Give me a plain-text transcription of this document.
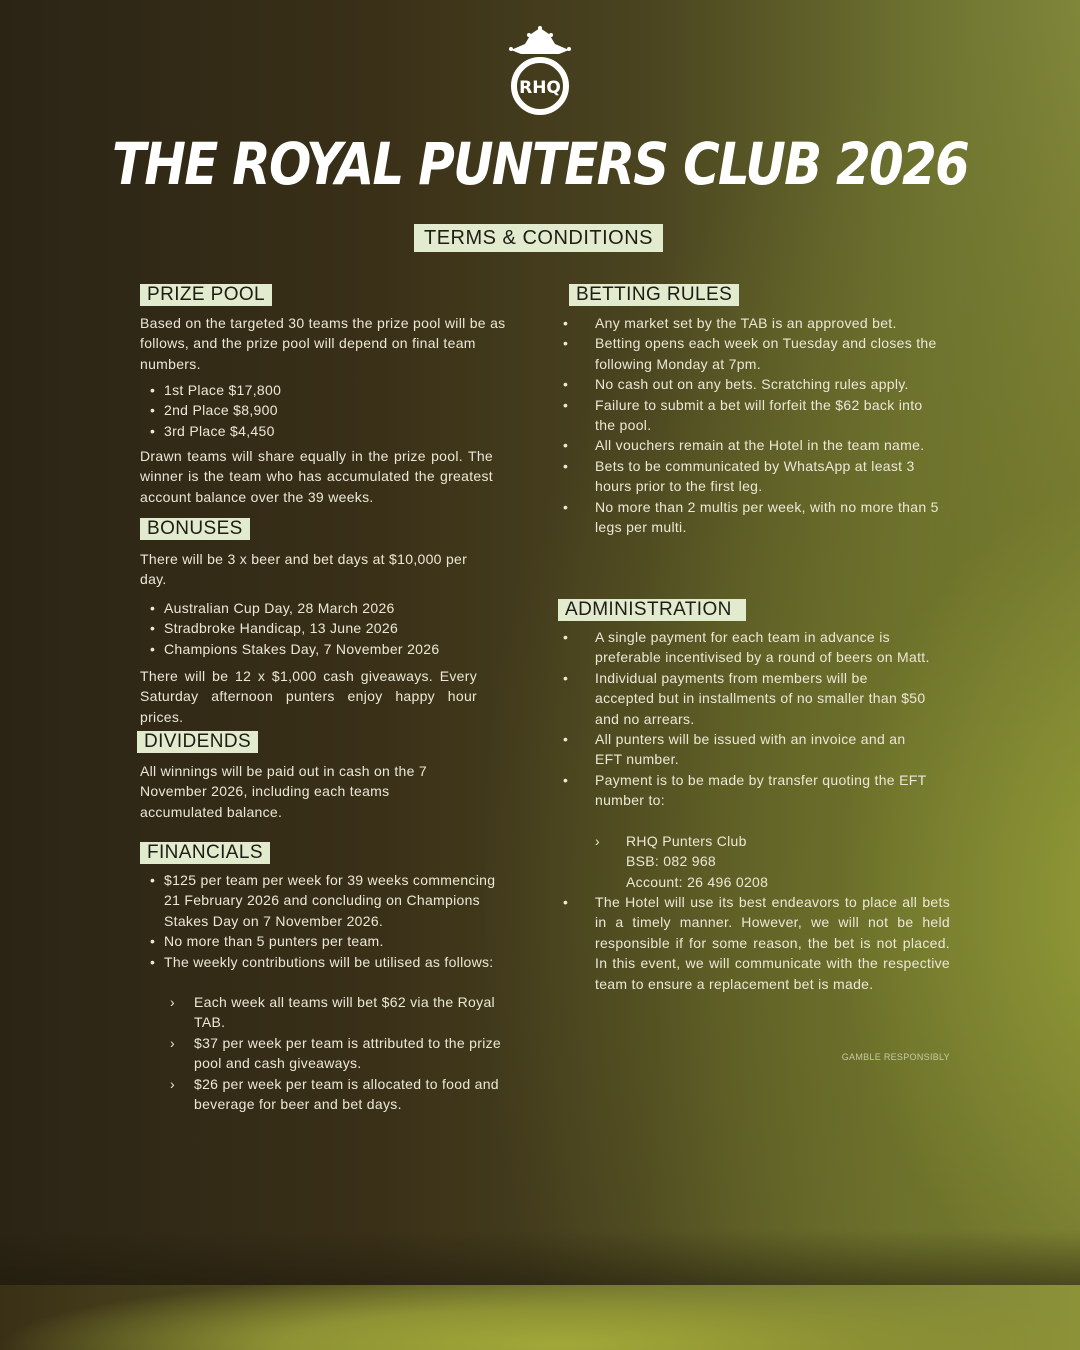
RHQ
THE ROYAL PUNTERS CLUB 2026
TERMS & CONDITIONS
PRIZE POOL
Based on the targeted 30 teams the prize pool will be as follows, and the prize pool will depend on final team numbers.
• 1st Place $17,800
• 2nd Place $8,900
• 3rd Place $4,450
Drawn teams will share equally in the prize pool. The winner is the team who has accumulated the greatest account balance over the 39 weeks.
BONUSES
There will be 3 x beer and bet days at $10,000 per day.
• Australian Cup Day, 28 March 2026
• Stradbroke Handicap, 13 June 2026
• Champions Stakes Day, 7 November 2026
There will be 12 x $1,000 cash giveaways. Every Saturday afternoon punters enjoy happy hour prices.
DIVIDENDS
All winnings will be paid out in cash on the 7 November 2026, including each teams accumulated balance.
FINANCIALS
• $125 per team per week for 39 weeks commencing 21 February 2026 and concluding on Champions Stakes Day on 7 November 2026.
• No more than 5 punters per team.
• The weekly contributions will be utilised as follows:
› Each week all teams will bet $62 via the Royal TAB.
› $37 per week per team is attributed to the prize pool and cash giveaways.
› $26 per week per team is allocated to food and beverage for beer and bet days.
BETTING RULES
• Any market set by the TAB is an approved bet.
• Betting opens each week on Tuesday and closes the following Monday at 7pm.
• No cash out on any bets. Scratching rules apply.
• Failure to submit a bet will forfeit the $62 back into the pool.
• All vouchers remain at the Hotel in the team name.
• Bets to be communicated by WhatsApp at least 3 hours prior to the first leg.
• No more than 2 multis per week, with no more than 5 legs per multi.
ADMINISTRATION
• A single payment for each team in advance is preferable incentivised by a round of beers on Matt.
• Individual payments from members will be accepted but in installments of no smaller than $50 and no arrears.
• All punters will be issued with an invoice and an EFT number.
• Payment is to be made by transfer quoting the EFT number to:
›	RHQ Punters Club
BSB: 082 968
Account: 26 496 0208
• The Hotel will use its best endeavors to place all bets in a timely manner. However, we will not be held responsible if for some reason, the bet is not placed. In this event, we will communicate with the respective team to ensure a replacement bet is made.
GAMBLE RESPONSIBLY
